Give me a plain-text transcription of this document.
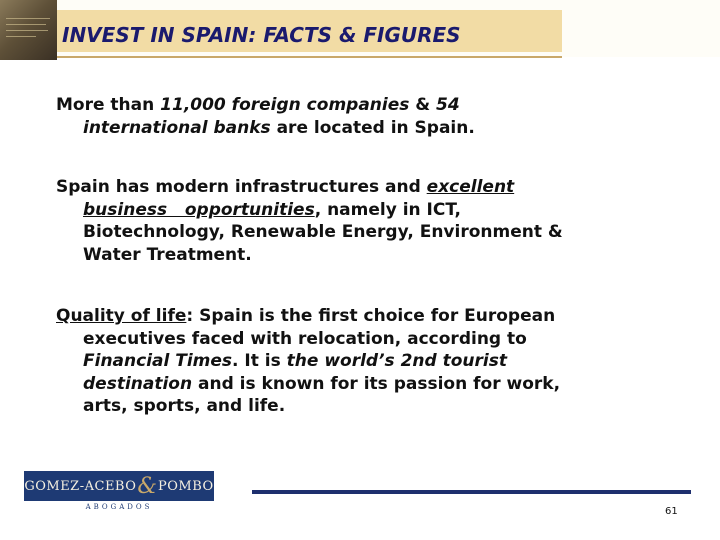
INVEST IN SPAIN: FACTS & FIGURES
More than 11,000 foreign companies & 54
international banks are located in Spain.
Spain has modern infrastructures and excellent
business   opportunities, namely in ICT,
Biotechnology, Renewable Energy, Environment &
Water Treatment.
Quality of life: Spain is the first choice for European
executives faced with relocation, according to
Financial Times. It is the world’s 2nd tourist
destination and is known for its passion for work,
arts, sports, and life.
GOMEZ-ACEBO & POMBO
ABOGADOS	61
